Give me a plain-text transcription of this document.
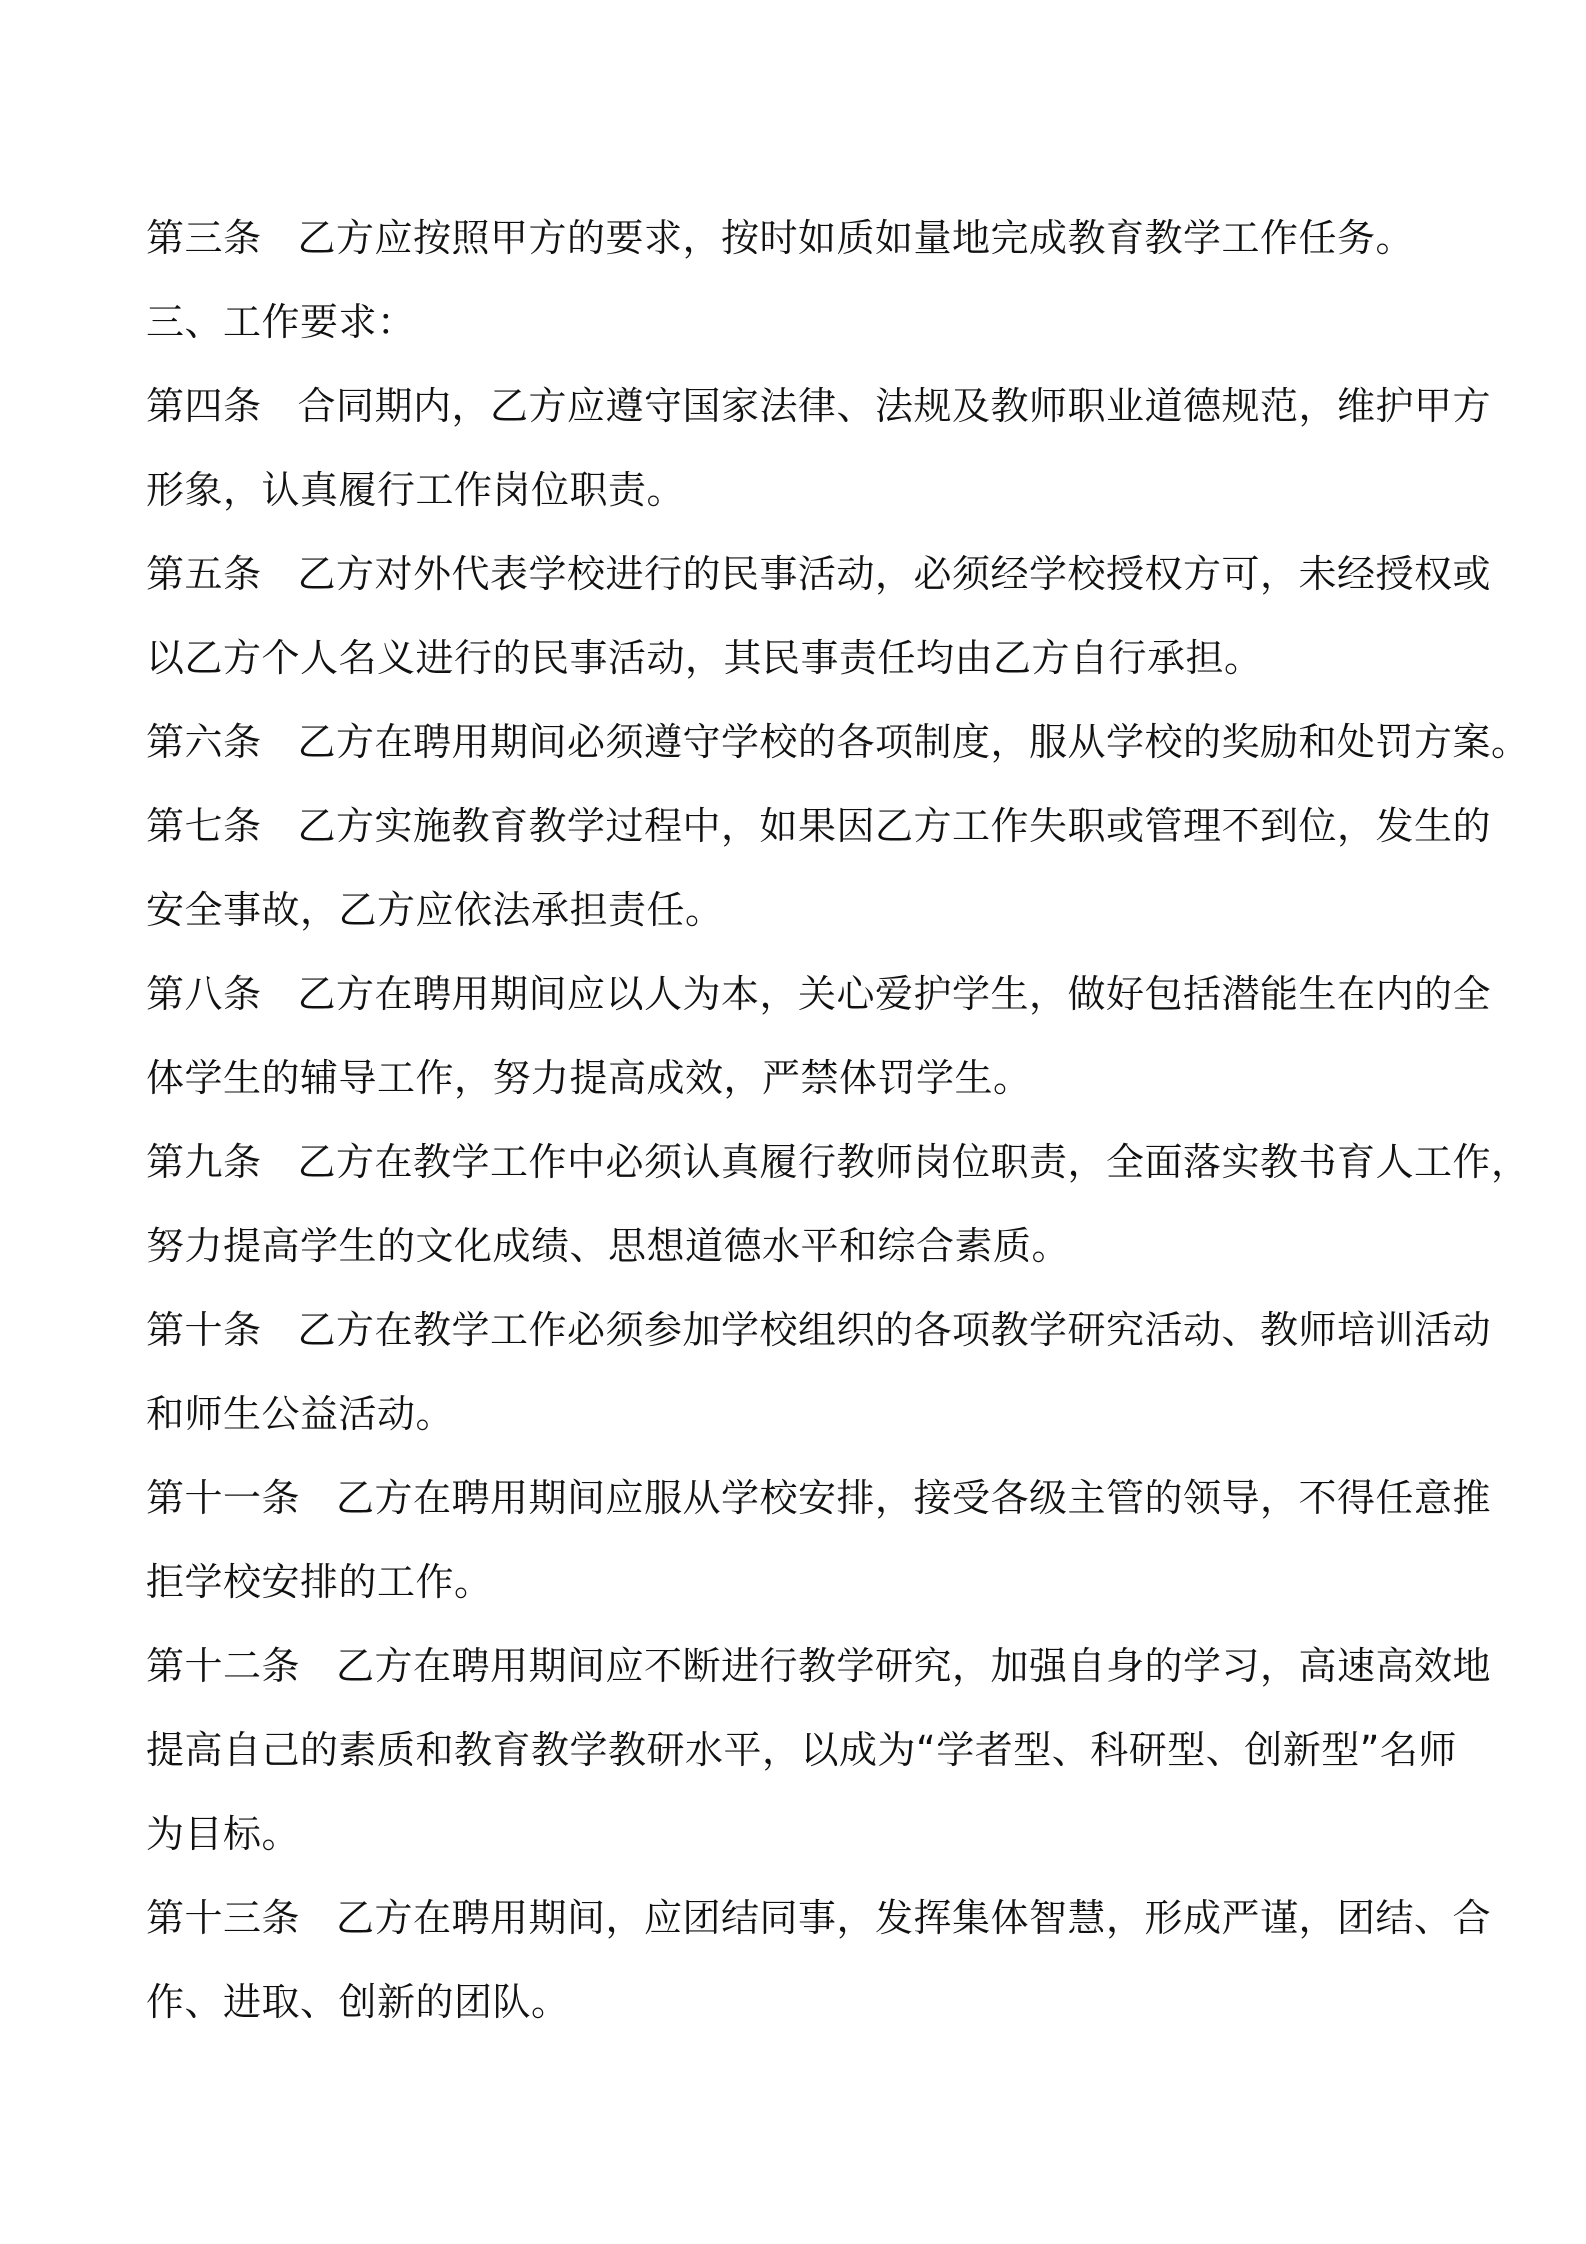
第三条 乙方应按照甲方的要求，按时如质如量地完成教育教学工作任务。
三、工作要求：
第四条 合同期内，乙方应遵守国家法律、法规及教师职业道德规范，维护甲方
形象，认真履行工作岗位职责。
第五条 乙方对外代表学校进行的民事活动，必须经学校授权方可，未经授权或
以乙方个人名义进行的民事活动，其民事责任均由乙方自行承担。
第六条 乙方在聘用期间必须遵守学校的各项制度，服从学校的奖励和处罚方案。
第七条 乙方实施教育教学过程中，如果因乙方工作失职或管理不到位，发生的
安全事故，乙方应依法承担责任。
第八条 乙方在聘用期间应以人为本，关心爱护学生，做好包括潜能生在内的全
体学生的辅导工作，努力提高成效，严禁体罚学生。
第九条 乙方在教学工作中必须认真履行教师岗位职责，全面落实教书育人工作，
努力提高学生的文化成绩、思想道德水平和综合素质。
第十条 乙方在教学工作必须参加学校组织的各项教学研究活动、教师培训活动
和师生公益活动。
第十一条 乙方在聘用期间应服从学校安排，接受各级主管的领导，不得任意推
拒学校安排的工作。
第十二条 乙方在聘用期间应不断进行教学研究，加强自身的学习，高速高效地
提高自己的素质和教育教学教研水平，以成为“学者型、科研型、创新型”名师
为目标。
第十三条 乙方在聘用期间，应团结同事，发挥集体智慧，形成严谨，团结、合
作、进取、创新的团队。
